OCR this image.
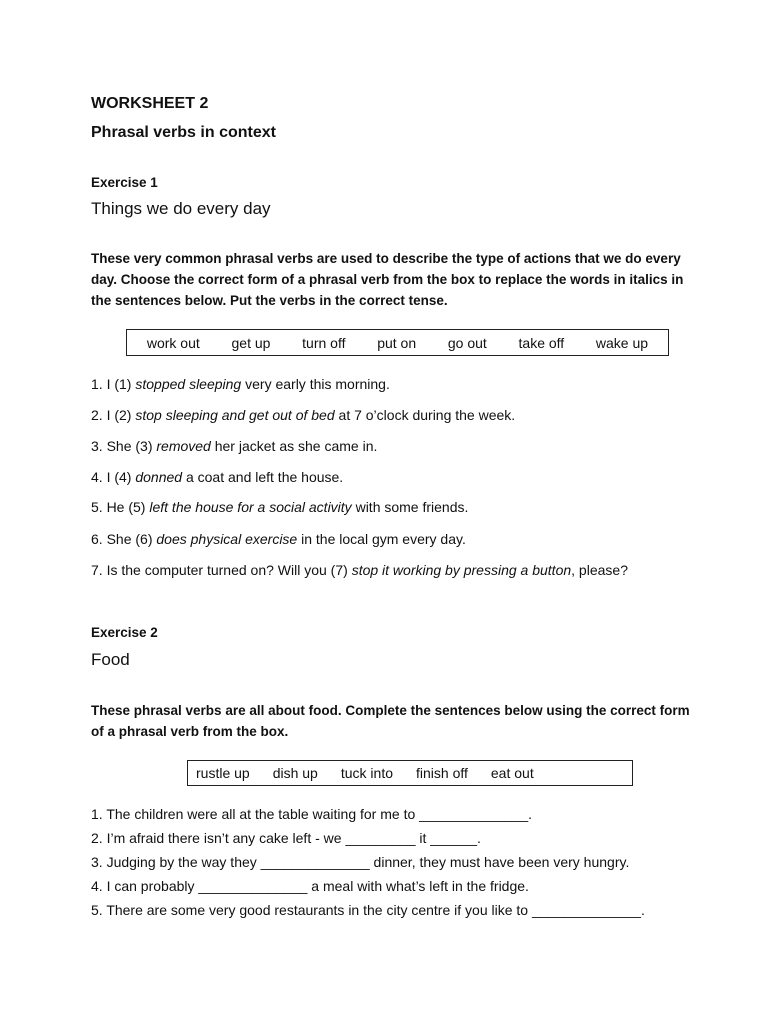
WORKSHEET 2
Phrasal verbs in context
Exercise 1
Things we do every day
These very common phrasal verbs are used to describe the type of actions that we do every day. Choose the correct form of a phrasal verb from the box to replace the words in italics in the sentences below. Put the verbs in the correct tense.
work out get up turn off put on go out take off wake up
1. I (1) stopped sleeping very early this morning.
2. I (2) stop sleeping and get out of bed at 7 o’clock during the week.
3. She (3) removed her jacket as she came in.
4. I (4) donned a coat and left the house.
5. He (5) left the house for a social activity with some friends.
6. She (6) does physical exercise in the local gym every day.
7. Is the computer turned on? Will you (7) stop it working by pressing a button, please?
Exercise 2
Food
These phrasal verbs are all about food. Complete the sentences below using the correct form of a phrasal verb from the box.
rustle up dish up tuck into finish off eat out
1. The children were all at the table waiting for me to ______________.
2. I’m afraid there isn’t any cake left - we _________ it ______.
3. Judging by the way they ______________ dinner, they must have been very hungry.
4. I can probably ______________ a meal with what’s left in the fridge.
5. There are some very good restaurants in the city centre if you like to ______________.
